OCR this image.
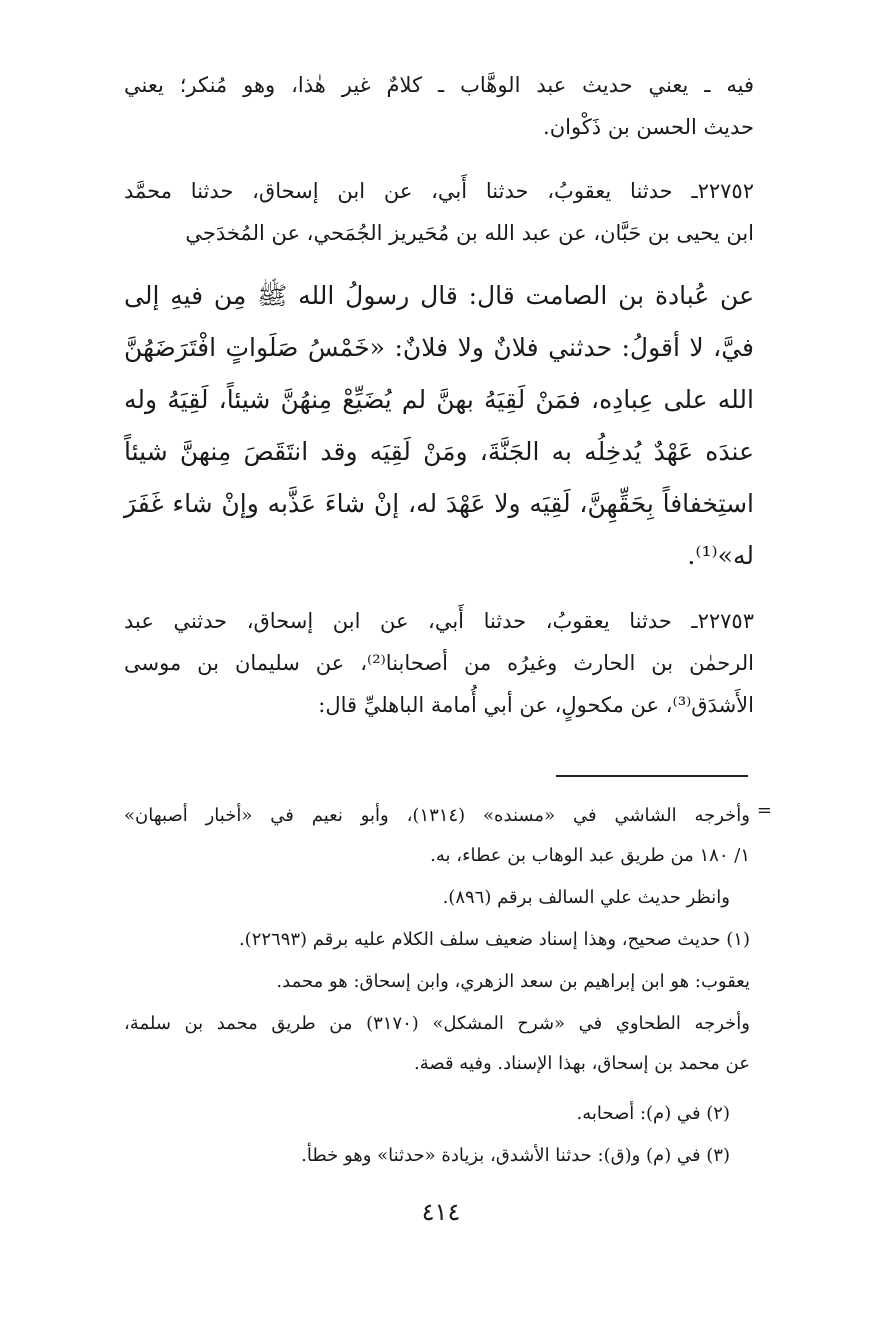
فيه ـ يعني حديث عبد الوهَّاب ـ كلامٌ غير هٰذا، وهو مُنكر؛ يعني
حديث الحسن بن ذَكْوان.
٢٢٧٥٢ـ حدثنا يعقوبُ، حدثنا أَبي، عن ابن إسحاق، حدثنا محمَّد
ابن يحيى بن حَبَّان، عن عبد الله بن مُحَيريز الجُمَحي، عن المُخدَجي
عن عُبادة بن الصامت قال: قال رسولُ الله ﷺ مِن فيهِ إلى
فيَّ، لا أقولُ: حدثني فلانٌ ولا فلانٌ: «خَمْسُ صَلَواتٍ افْتَرَضَهُنَّ
الله على عِبادِه، فمَنْ لَقِيَهُ بهنَّ لم يُضَيِّعْ مِنهُنَّ شيئاً، لَقِيَهُ وله
عندَه عَهْدٌ يُدخِلُه به الجَنَّةَ، ومَنْ لَقِيَه وقد انتَقَصَ مِنهنَّ شيئاً
استِخفافاً بِحَقِّهِنَّ، لَقِيَه ولا عَهْدَ له، إنْ شاءَ عَذَّبه وإنْ شاء غَفَرَ
له»⁽¹⁾.
٢٢٧٥٣ـ حدثنا يعقوبُ، حدثنا أَبي، عن ابن إسحاق، حدثني عبد
الرحمٰن بن الحارث وغيرُه من أصحابنا⁽²⁾، عن سليمان بن موسى
الأَشدَق⁽³⁾، عن مكحولٍ، عن أبي أُمامة الباهليِّ قال:
=
وأخرجه الشاشي في «مسنده» (١٣١٤)، وأبو نعيم في «أخبار أصبهان»
١/ ١٨٠ من طريق عبد الوهاب بن عطاء، به.
وانظر حديث علي السالف برقم (٨٩٦).
(١) حديث صحيح، وهذا إسناد ضعيف سلف الكلام عليه برقم (٢٢٦٩٣).
يعقوب: هو ابن إبراهيم بن سعد الزهري، وابن إسحاق: هو محمد.
وأخرجه الطحاوي في «شرح المشكل» (٣١٧٠) من طريق محمد بن سلمة،
عن محمد بن إسحاق، بهذا الإسناد. وفيه قصة.
(٢) في (م): أصحابه.
(٣) في (م) و(ق): حدثنا الأشدق، بزيادة «حدثنا» وهو خطأ.
٤١٤
